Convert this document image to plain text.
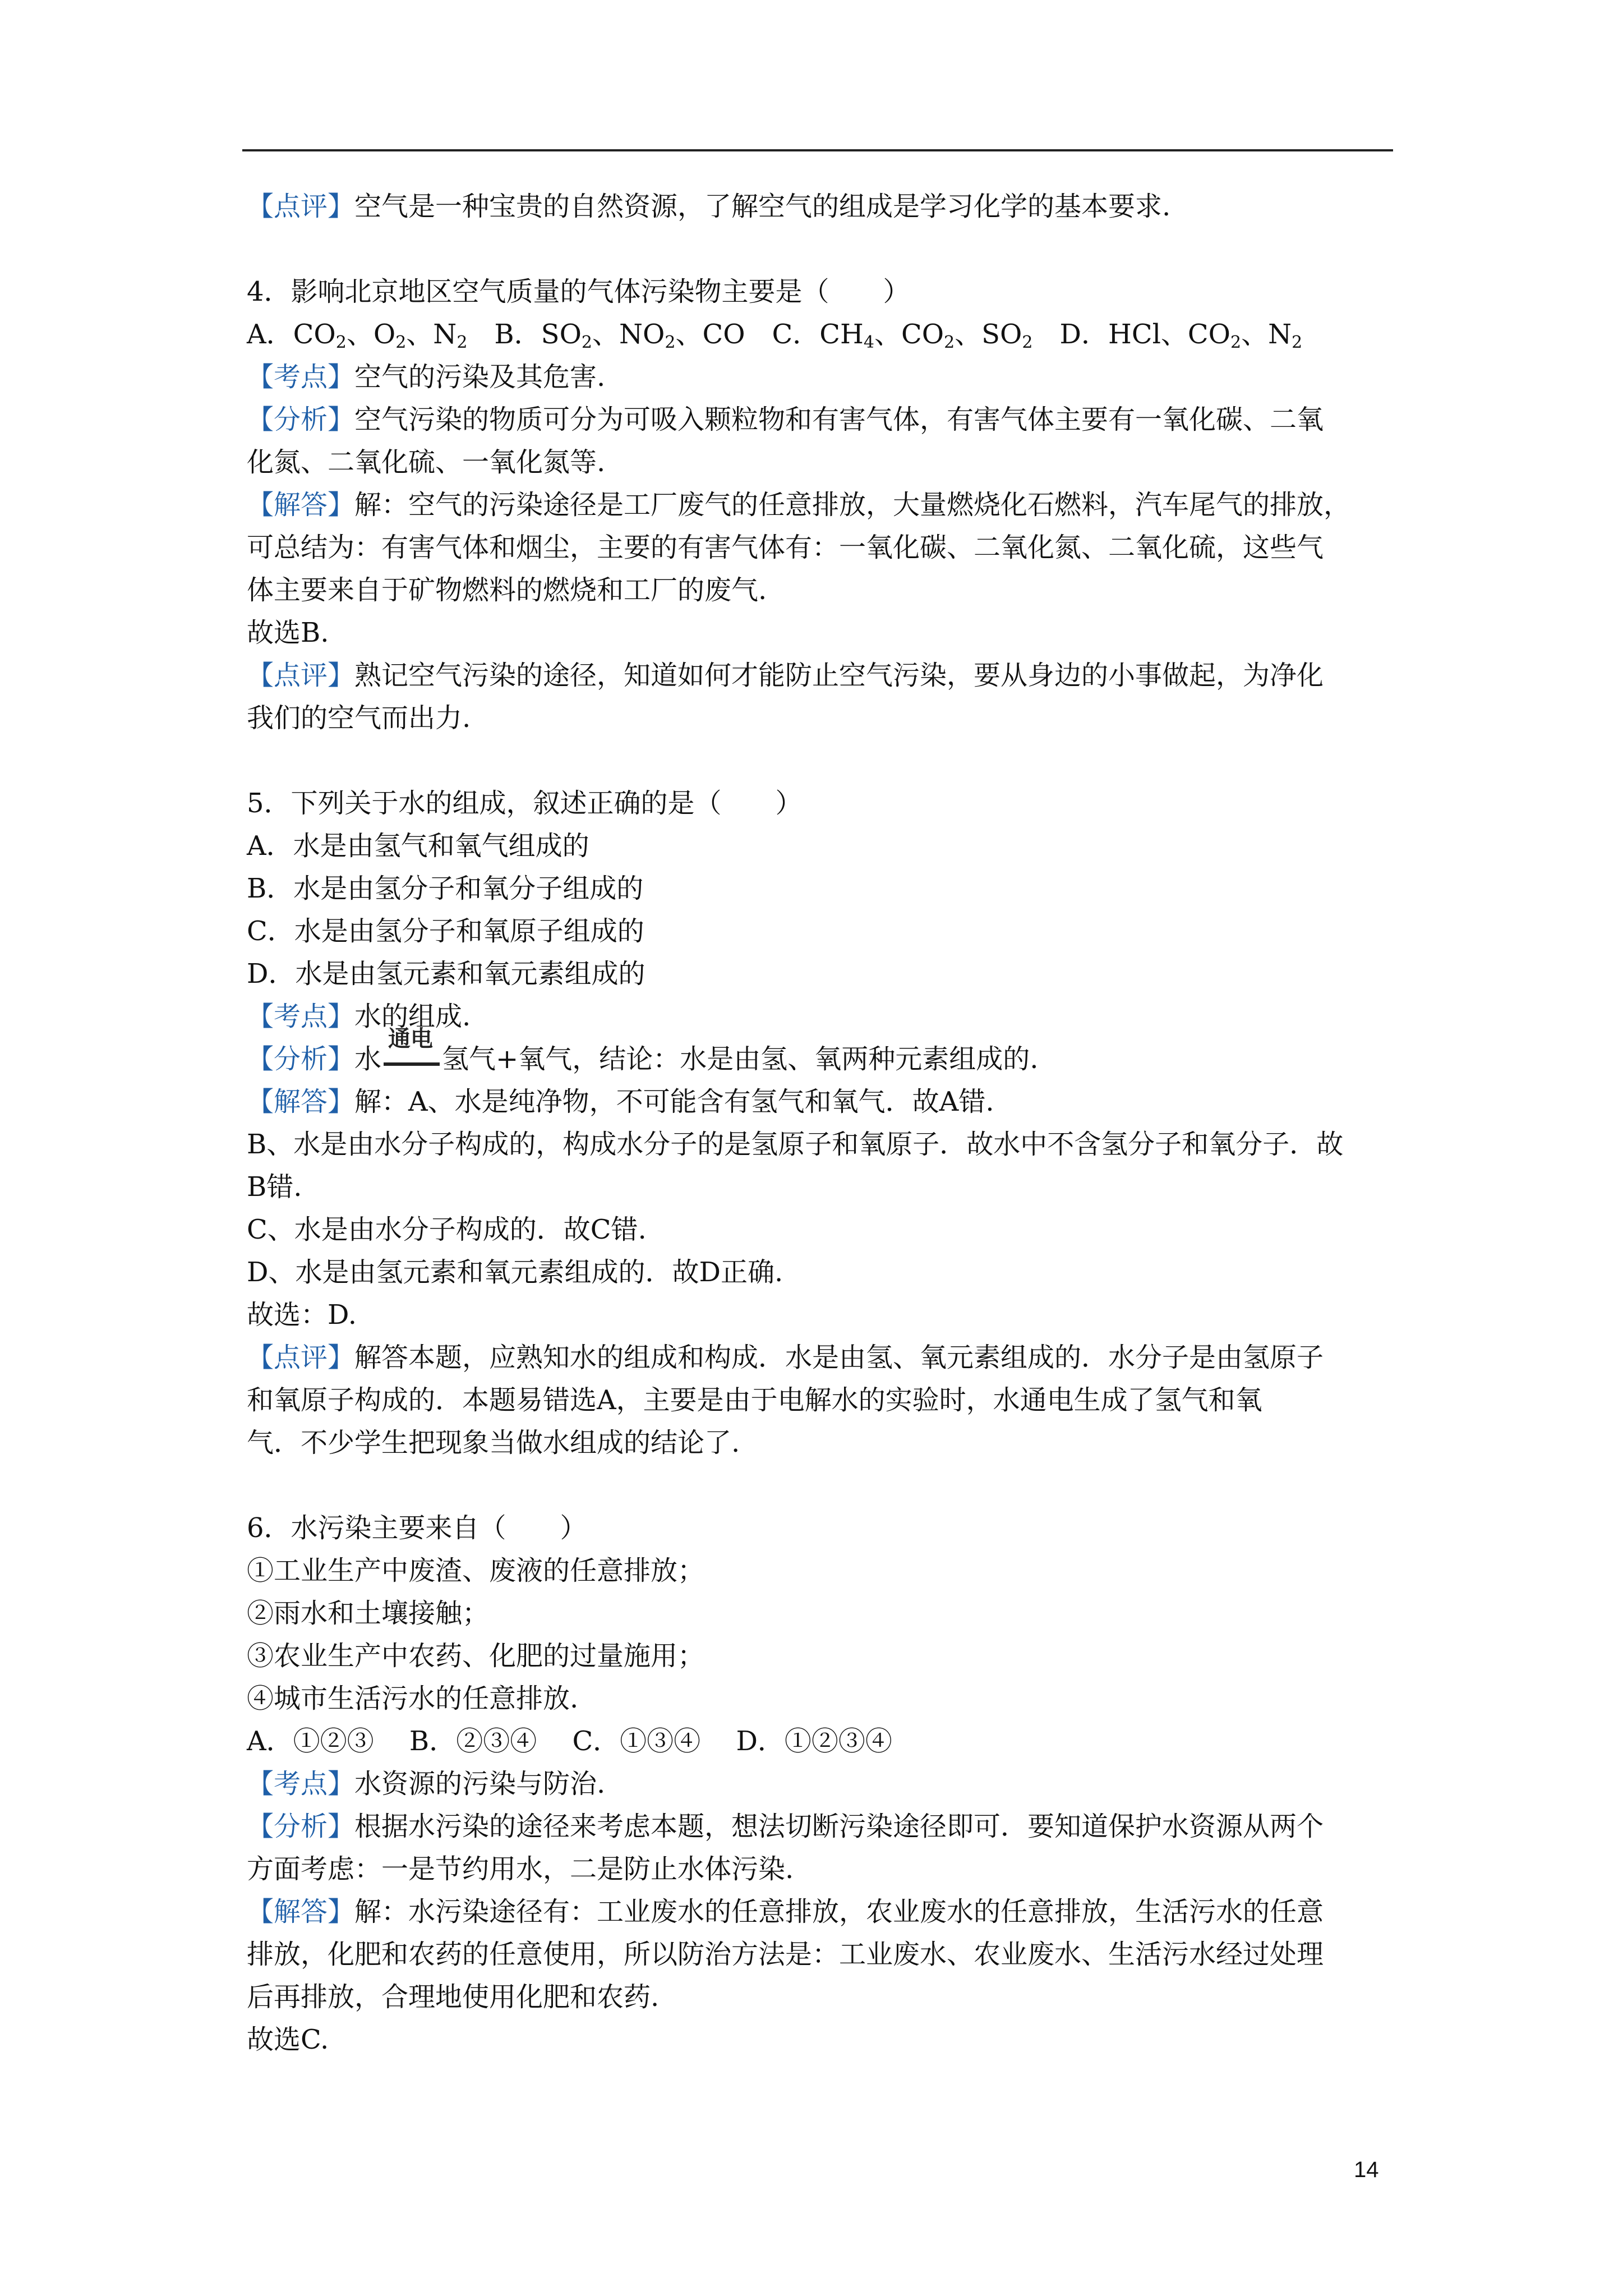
【点评】空气是一种宝贵的自然资源，了解空气的组成是学习化学的基本要求.
4．影响北京地区空气质量的气体污染物主要是（　　）
A．$CO_2$、$O_2$、$N_2$　B．$SO_2$、$NO_2$、CO　C．$CH_4$、$CO_2$、$SO_2$　D．HCl、$CO_2$、$N_2$
【考点】空气的污染及其危害.
【分析】空气污染的物质可分为可吸入颗粒物和有害气体，有害气体主要有一氧化碳、二氧
化氮、二氧化硫、一氧化氮等.
【解答】解：空气的污染途径是工厂废气的任意排放，大量燃烧化石燃料，汽车尾气的排放，
可总结为：有害气体和烟尘，主要的有害气体有：一氧化碳、二氧化氮、二氧化硫，这些气
体主要来自于矿物燃料的燃烧和工厂的废气.
故选B.
【点评】熟记空气污染的途径，知道如何才能防止空气污染，要从身边的小事做起，为净化
我们的空气而出力.
5．下列关于水的组成，叙述正确的是（　　）
A．水是由氢气和氧气组成的
B．水是由氢分子和氧分子组成的
C．水是由氢分子和氧原子组成的
D．水是由氢元素和氧元素组成的
【考点】水的组成.
【分析】水
通电
氢气+氧气，结论：水是由氢、氧两种元素组成的.
【解答】解：A、水是纯净物，不可能含有氢气和氧气．故A错.
B、水是由水分子构成的，构成水分子的是氢原子和氧原子．故水中不含氢分子和氧分子．故
B错.
C、水是由水分子构成的．故C错.
D、水是由氢元素和氧元素组成的．故D正确.
故选：D.
【点评】解答本题，应熟知水的组成和构成．水是由氢、氧元素组成的．水分子是由氢原子
和氧原子构成的．本题易错选A，主要是由于电解水的实验时，水通电生成了氢气和氧
气．不少学生把现象当做水组成的结论了.
6．水污染主要来自（　　）
①工业生产中废渣、废液的任意排放；
②雨水和土壤接触；
③农业生产中农药、化肥的过量施用；
④城市生活污水的任意排放.
A．①②③　 B．②③④　 C．①③④　 D．①②③④
【考点】水资源的污染与防治.
【分析】根据水污染的途径来考虑本题，想法切断污染途径即可．要知道保护水资源从两个
方面考虑：一是节约用水，二是防止水体污染.
【解答】解：水污染途径有：工业废水的任意排放，农业废水的任意排放，生活污水的任意
排放，化肥和农药的任意使用，所以防治方法是：工业废水、农业废水、生活污水经过处理
后再排放，合理地使用化肥和农药.
故选C.
14
